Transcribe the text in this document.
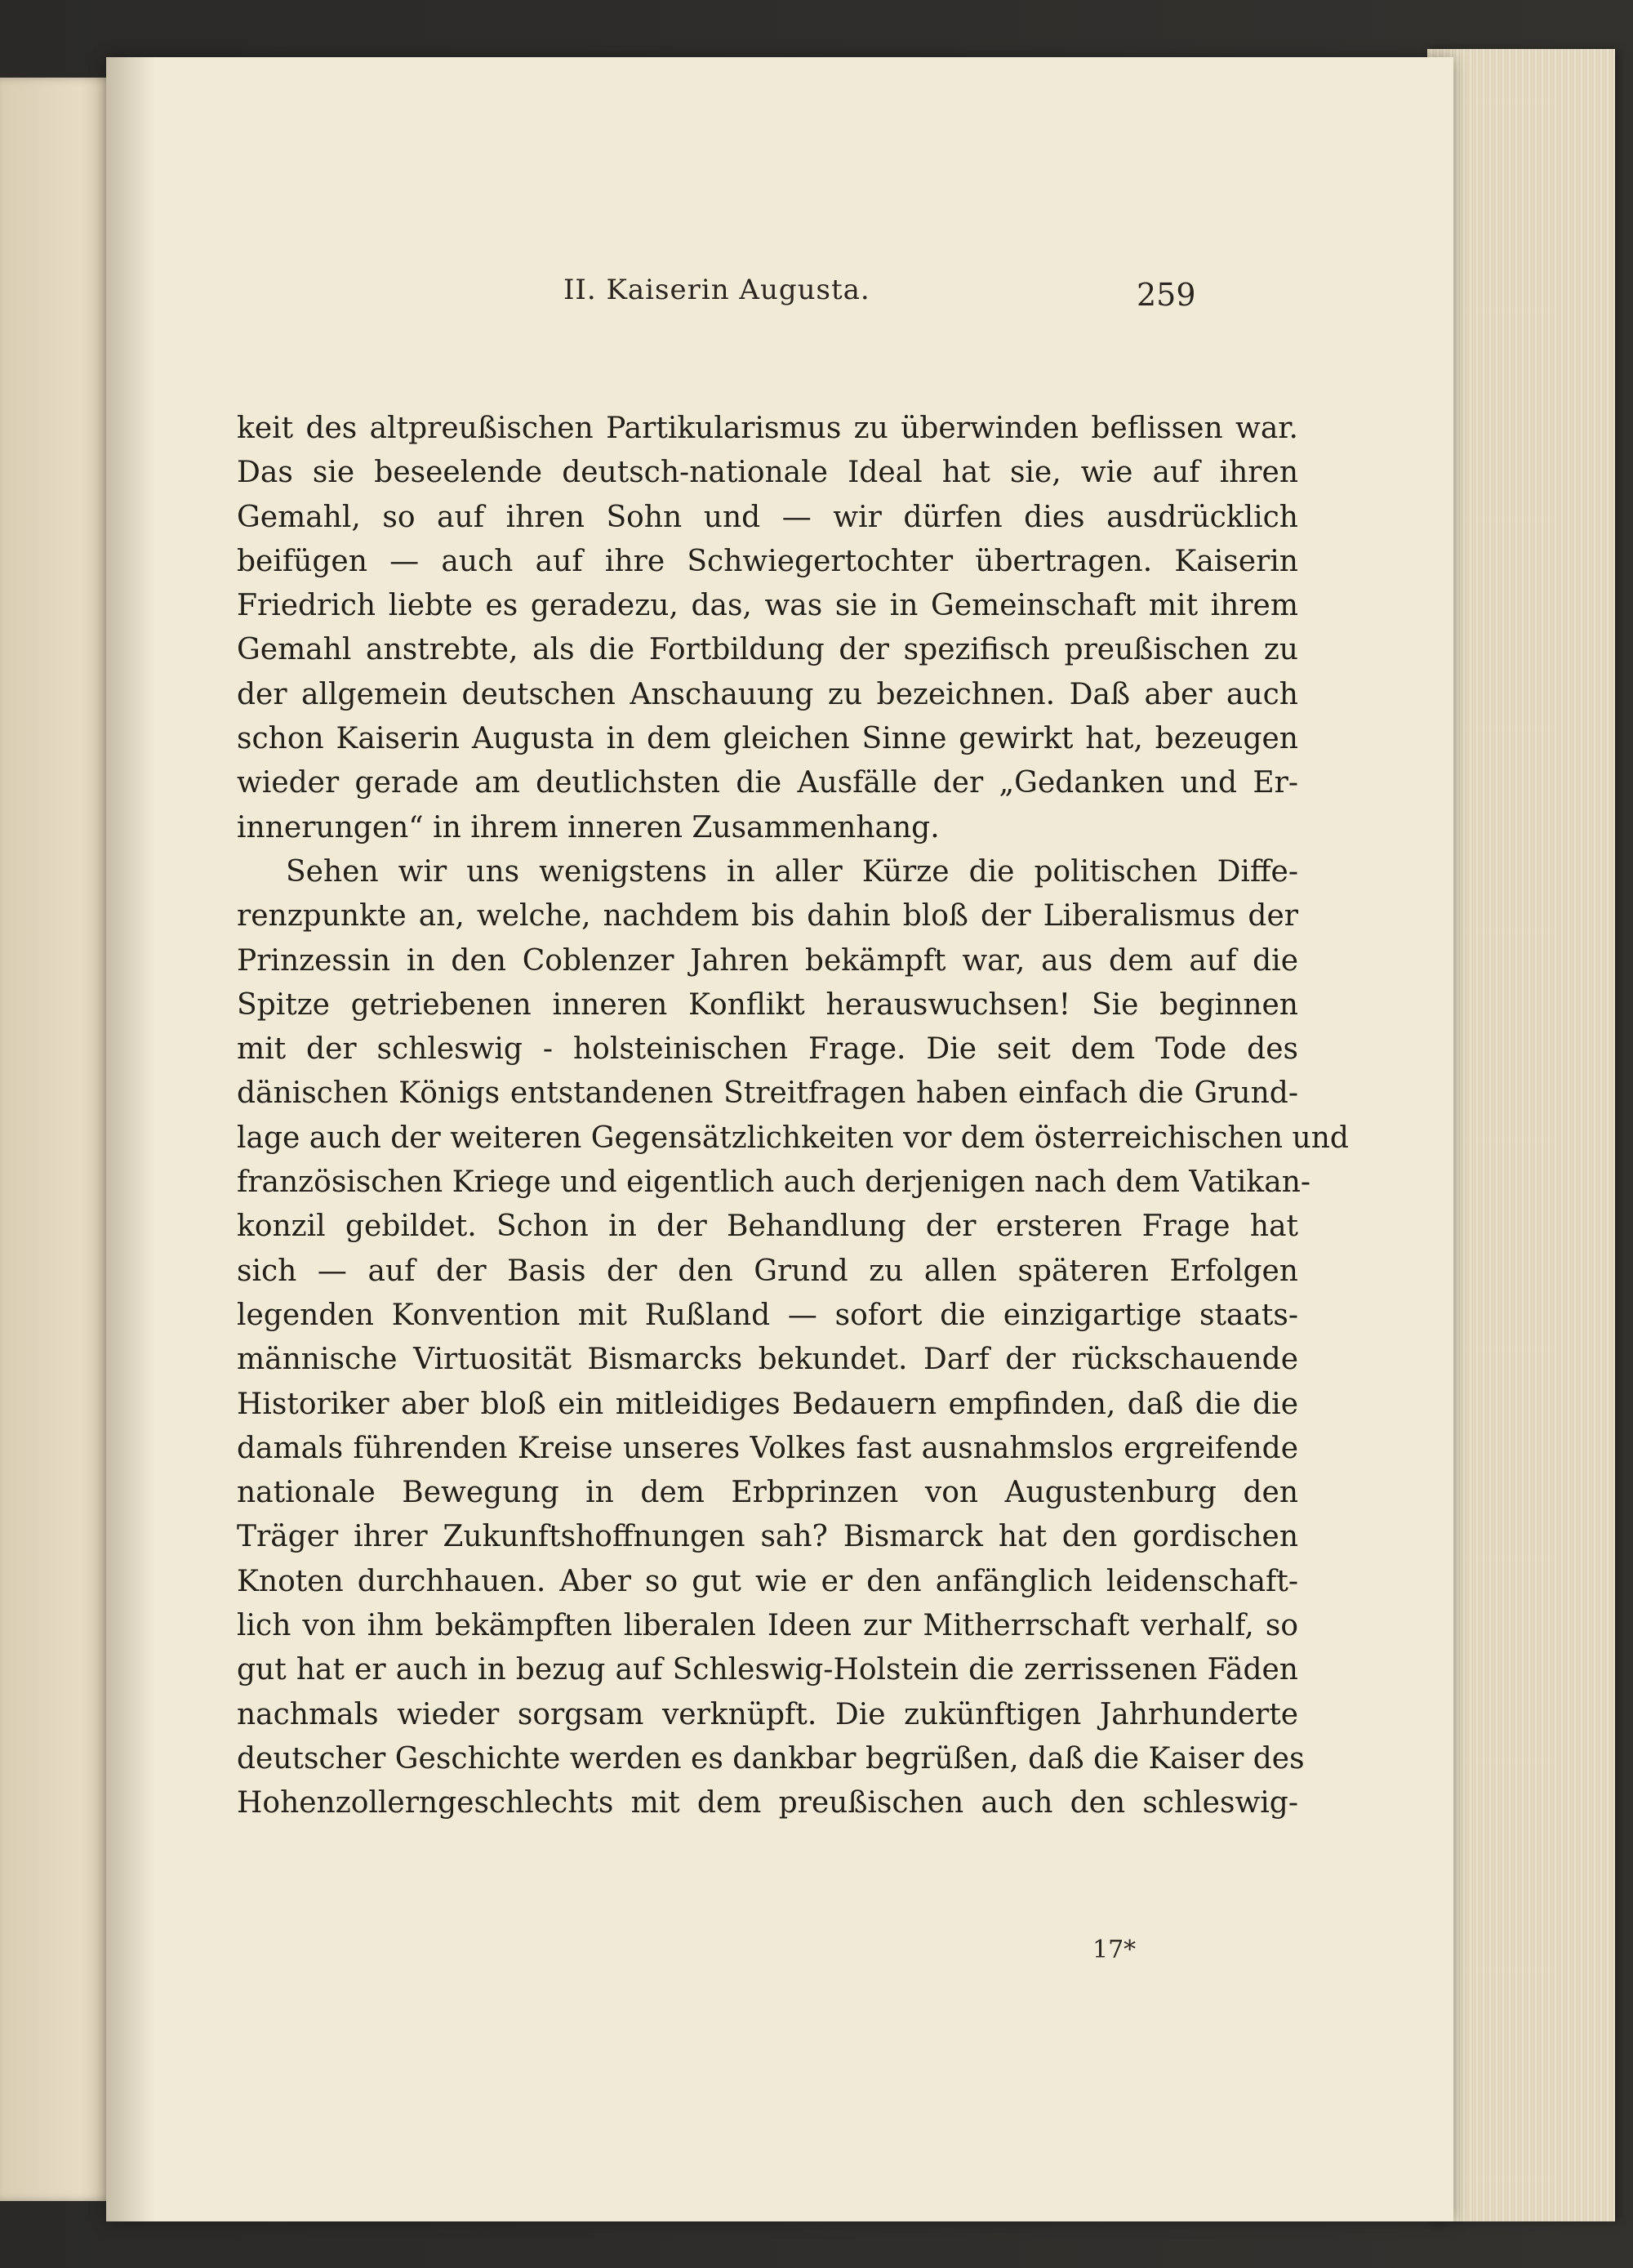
II. Kaiserin Augusta.	259
keit des altpreußischen Partikularismus zu überwinden beflissen war.
Das sie beseelende deutsch-nationale Ideal hat sie, wie auf ihren
Gemahl, so auf ihren Sohn und — wir dürfen dies ausdrücklich
beifügen — auch auf ihre Schwiegertochter übertragen. Kaiserin
Friedrich liebte es geradezu, das, was sie in Gemeinschaft mit ihrem
Gemahl anstrebte, als die Fortbildung der spezifisch preußischen zu
der allgemein deutschen Anschauung zu bezeichnen. Daß aber auch
schon Kaiserin Augusta in dem gleichen Sinne gewirkt hat, bezeugen
wieder gerade am deutlichsten die Ausfälle der „Gedanken und Er-
innerungen“ in ihrem inneren Zusammenhang.
Sehen wir uns wenigstens in aller Kürze die politischen Diffe-
renzpunkte an, welche, nachdem bis dahin bloß der Liberalismus der
Prinzessin in den Coblenzer Jahren bekämpft war, aus dem auf die
Spitze getriebenen inneren Konflikt herauswuchsen! Sie beginnen
mit der schleswig - holsteinischen Frage. Die seit dem Tode des
dänischen Königs entstandenen Streitfragen haben einfach die Grund-
lage auch der weiteren Gegensätzlichkeiten vor dem österreichischen und
französischen Kriege und eigentlich auch derjenigen nach dem Vatikan-
konzil gebildet. Schon in der Behandlung der ersteren Frage hat
sich — auf der Basis der den Grund zu allen späteren Erfolgen
legenden Konvention mit Rußland — sofort die einzigartige staats-
männische Virtuosität Bismarcks bekundet. Darf der rückschauende
Historiker aber bloß ein mitleidiges Bedauern empfinden, daß die die
damals führenden Kreise unseres Volkes fast ausnahmslos ergreifende
nationale Bewegung in dem Erbprinzen von Augustenburg den
Träger ihrer Zukunftshoffnungen sah? Bismarck hat den gordischen
Knoten durchhauen. Aber so gut wie er den anfänglich leidenschaft-
lich von ihm bekämpften liberalen Ideen zur Mitherrschaft verhalf, so
gut hat er auch in bezug auf Schleswig-Holstein die zerrissenen Fäden
nachmals wieder sorgsam verknüpft. Die zukünftigen Jahrhunderte
deutscher Geschichte werden es dankbar begrüßen, daß die Kaiser des
Hohenzollerngeschlechts mit dem preußischen auch den schleswig-
17*
